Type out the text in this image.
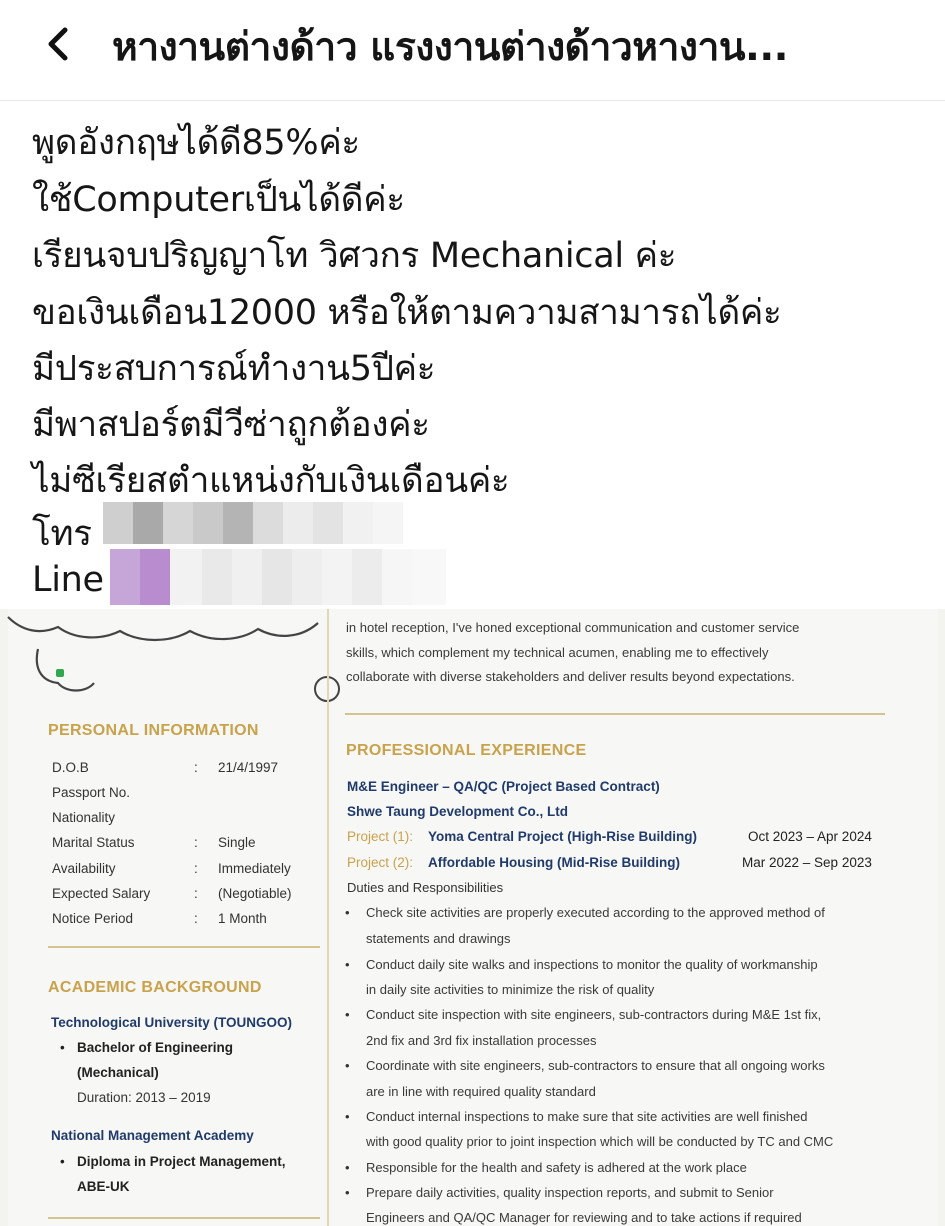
หางานต่างด้าว แรงงานต่างด้าวหางาน...
พูดอังกฤษได้ดี85%ค่ะ
ใช้Computerเป็นได้ดีค่ะ
เรียนจบปริญญาโท วิศวกร Mechanical ค่ะ
ขอเงินเดือน12000 หรือให้ตามความสามารถได้ค่ะ
มีประสบการณ์ทำงาน5ปีค่ะ
มีพาสปอร์ตมีวีซ่าถูกต้องค่ะ
ไม่ซีเรียสตำแหน่งกับเงินเดือนค่ะ
โทร
Line
in hotel reception, I've honed exceptional communication and customer service
skills, which complement my technical acumen, enabling me to effectively
collaborate with diverse stakeholders and deliver results beyond expectations.
PERSONAL INFORMATION
D.O.B	: 21/4/1997
Passport No.
Nationality
Marital Status	: Single
Availability	: Immediately
Expected Salary	: (Negotiable)
Notice Period	: 1 Month
ACADEMIC BACKGROUND
Technological University (TOUNGOO)
• Bachelor of Engineering
(Mechanical)
Duration: 2013 – 2019
National Management Academy
• Diploma in Project Management,
ABE-UK
PROFESSIONAL EXPERIENCE
M&E Engineer – QA/QC (Project Based Contract)
Shwe Taung Development Co., Ltd
Project (1): Yoma Central Project (High-Rise Building)	Oct 2023 – Apr 2024
Project (2): Affordable Housing (Mid-Rise Building)	Mar 2022 – Sep 2023
Duties and Responsibilities
• Check site activities are properly executed according to the approved method of
statements and drawings
• Conduct daily site walks and inspections to monitor the quality of workmanship
in daily site activities to minimize the risk of quality
• Conduct site inspection with site engineers, sub-contractors during M&E 1st fix,
2nd fix and 3rd fix installation processes
• Coordinate with site engineers, sub-contractors to ensure that all ongoing works
are in line with required quality standard
• Conduct internal inspections to make sure that site activities are well finished
with good quality prior to joint inspection which will be conducted by TC and CMC
• Responsible for the health and safety is adhered at the work place
• Prepare daily activities, quality inspection reports, and submit to Senior
Engineers and QA/QC Manager for reviewing and to take actions if required
